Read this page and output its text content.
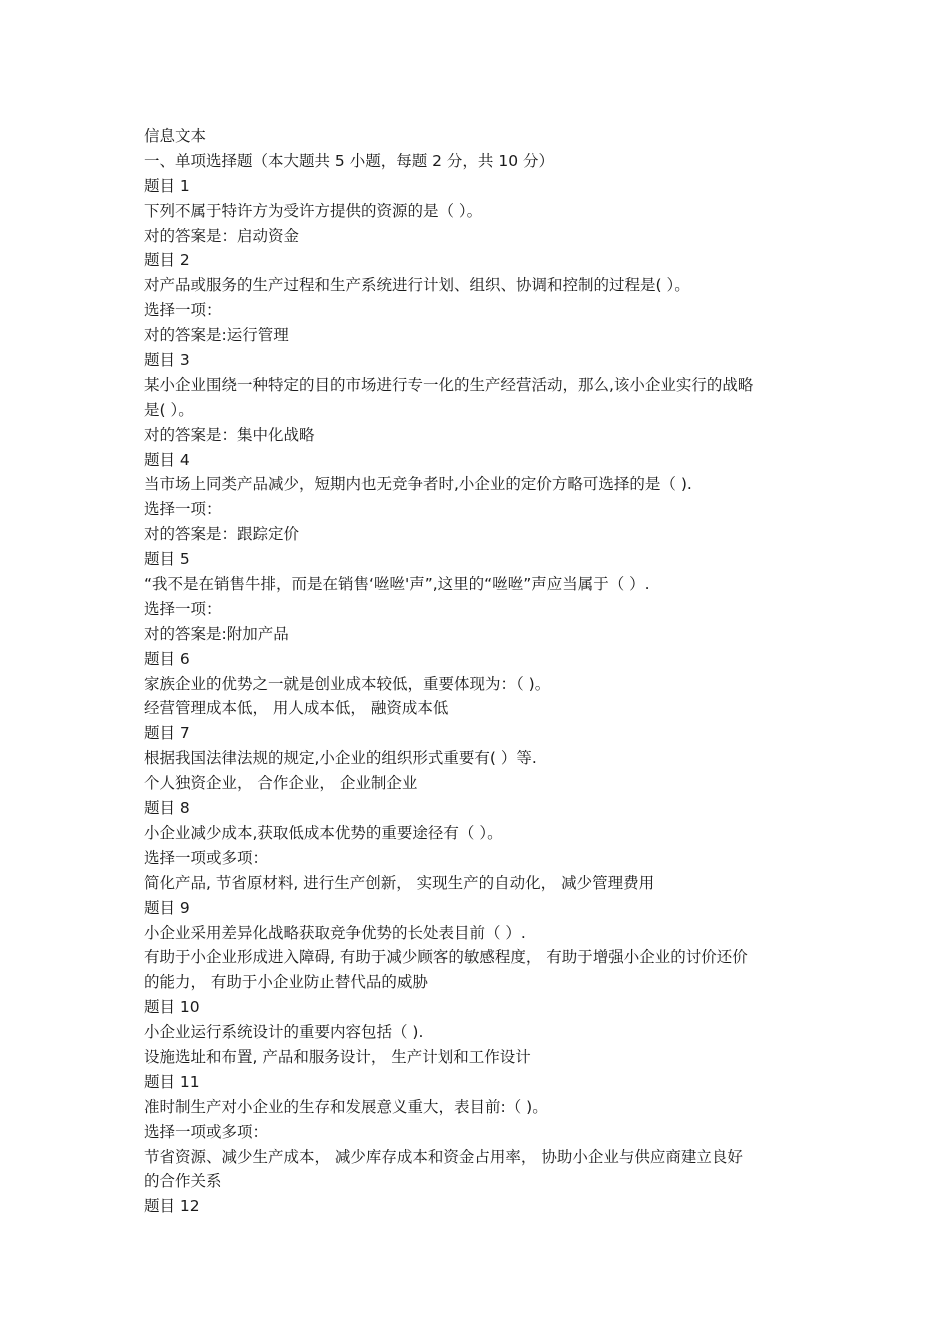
信息文本
一、单项选择题（本大题共 5 小题，每题 2 分，共 10 分）
题目 1
下列不属于特许方为受许方提供的资源的是（ ）。
对的答案是：启动资金
题目 2
对产品或服务的生产过程和生产系统进行计划、组织、协调和控制的过程是( ）。
选择一项：
对的答案是:运行管理
题目 3
某小企业围绕一种特定的目的市场进行专一化的生产经营活动，那么,该小企业实行的战略
是( ）。
对的答案是：集中化战略
题目 4
当市场上同类产品减少，短期内也无竞争者时,小企业的定价方略可选择的是（ ).
选择一项：
对的答案是：跟踪定价
题目 5
“我不是在销售牛排，而是在销售‘咝咝'声”,这里的“咝咝”声应当属于（ ）.
选择一项：
对的答案是:附加产品
题目 6
家族企业的优势之一就是创业成本较低，重要体现为：（ )。
经营管理成本低， 用人成本低， 融资成本低
题目 7
根据我国法律法规的规定,小企业的组织形式重要有( ）等.
个人独资企业， 合作企业， 企业制企业
题目 8
小企业减少成本,获取低成本优势的重要途径有（ ）。
选择一项或多项：
简化产品, 节省原材料, 进行生产创新， 实现生产的自动化， 减少管理费用
题目 9
小企业采用差异化战略获取竞争优势的长处表目前（ ）.
有助于小企业形成进入障碍, 有助于减少顾客的敏感程度， 有助于增强小企业的讨价还价
的能力， 有助于小企业防止替代品的威胁
题目 10
小企业运行系统设计的重要内容包括（ ).
设施选址和布置, 产品和服务设计， 生产计划和工作设计
题目 11
准时制生产对小企业的生存和发展意义重大，表目前:（ )。
选择一项或多项：
节省资源、减少生产成本， 减少库存成本和资金占用率， 协助小企业与供应商建立良好
的合作关系
题目 12
